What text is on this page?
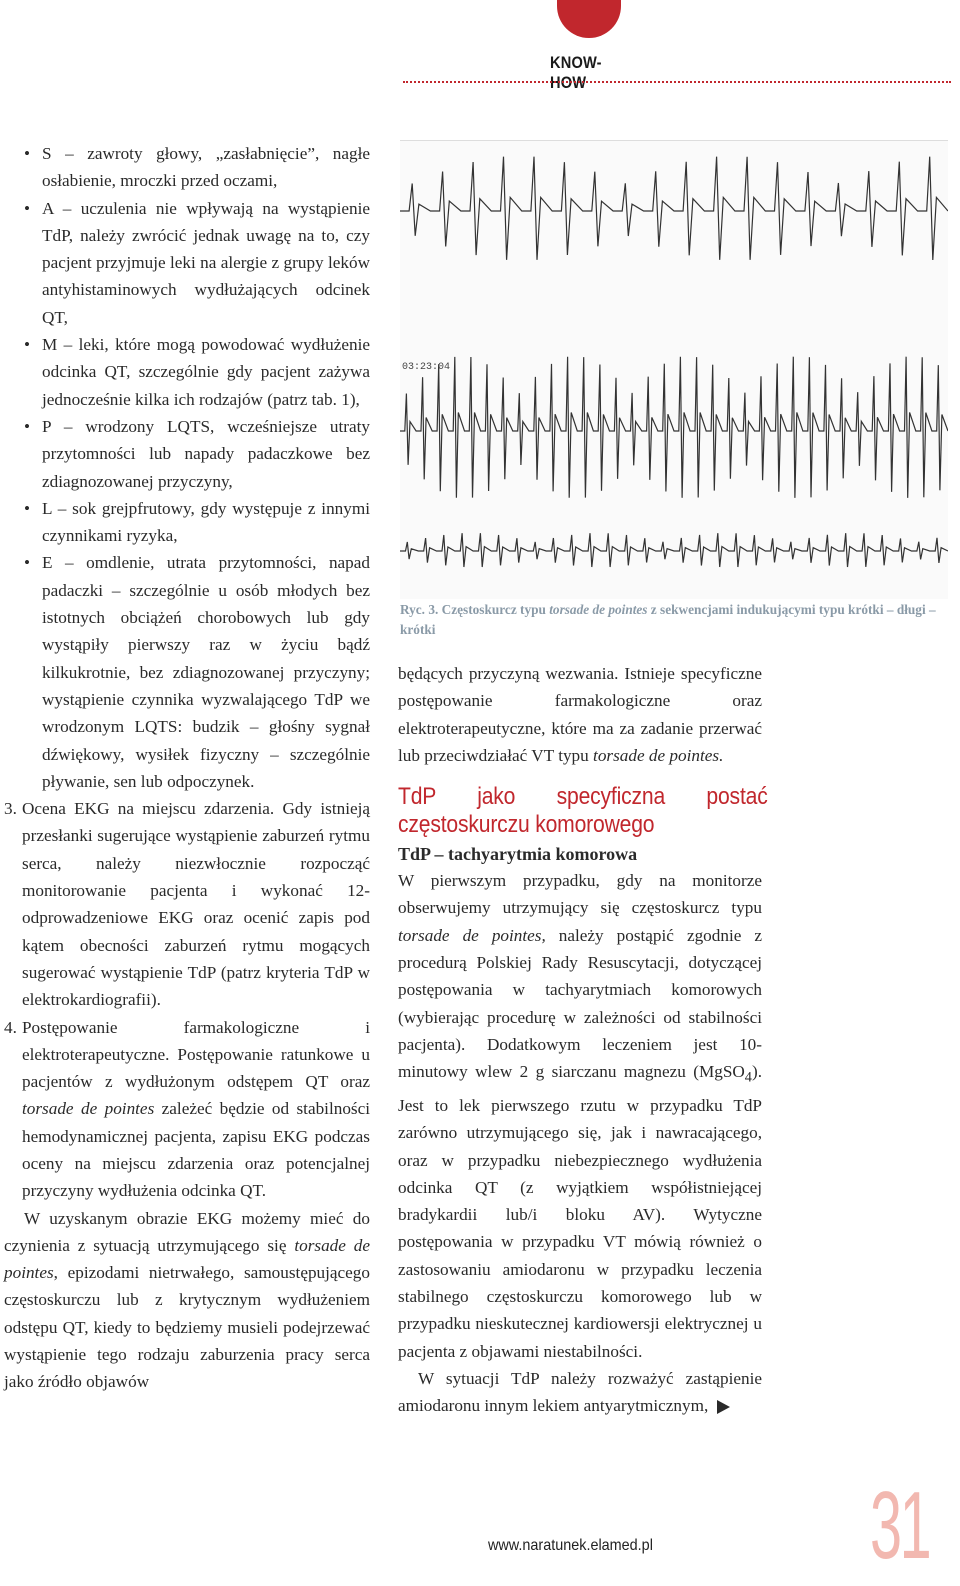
KNOW-HOW
• S – zawroty głowy, „zasłabnięcie”, nagłe osłabienie, mroczki przed oczami,
• A – uczulenia nie wpływają na wystąpienie TdP, należy zwrócić jednak uwagę na to, czy pacjent przyjmuje leki na alergie z grupy leków antyhistaminowych wydłużających odcinek QT,
• M – leki, które mogą powodować wydłużenie odcinka QT, szczególnie gdy pacjent zażywa jednocześnie kilka ich rodzajów (patrz tab. 1),
• P – wrodzony LQTS, wcześniejsze utraty przytomności lub napady padaczkowe bez zdiagnozowanej przyczyny,
• L – sok grejpfrutowy, gdy występuje z innymi czynnikami ryzyka,
• E – omdlenie, utrata przytomności, napad padaczki – szczególnie u osób młodych bez istotnych obciążeń chorobowych lub gdy wystąpiły pierwszy raz w życiu bądź kilkukrotnie, bez zdiagnozowanej przyczyny; wystąpienie czynnika wyzwalającego TdP we wrodzonym LQTS: budzik – głośny sygnał dźwiękowy, wysiłek fizyczny – szczególnie pływanie, sen lub odpoczynek.
3. Ocena EKG na miejscu zdarzenia. Gdy istnieją przesłanki sugerujące wystąpienie zaburzeń rytmu serca, należy niezwłocznie rozpocząć monitorowanie pacjenta i wykonać 12-odprowadzeniowe EKG oraz ocenić zapis pod kątem obecności zaburzeń rytmu mogących sugerować wystąpienie TdP (patrz kryteria TdP w elektrokardiografii).
4. Postępowanie farmakologiczne i elektroterapeutyczne. Postępowanie ratunkowe u pacjentów z wydłużonym odstępem QT oraz torsade de pointes zależeć będzie od stabilności hemodynamicznej pacjenta, zapisu EKG podczas oceny na miejscu zdarzenia oraz potencjalnej przyczyny wydłużenia odcinka QT.

W uzyskanym obrazie EKG możemy mieć do czynienia z sytuacją utrzymującego się torsade de pointes, epizodami nietrwałego, samoustępującego częstoskurczu lub z krytycznym wydłużeniem odstępu QT, kiedy to będziemy musieli podejrzewać wystąpienie tego rodzaju zaburzenia pracy serca jako źródło objawów

03:23:04
Ryc. 3. Częstoskurcz typu torsade de pointes z sekwencjami indukującymi typu krótki – długi – krótki

będących przyczyną wezwania. Istnieje specyficzne postępowanie farmakologiczne oraz elektroterapeutyczne, które ma za zadanie przerwać lub przeciwdziałać VT typu torsade de pointes.

TdP jako specyficzna postać częstoskurczu komorowego
TdP – tachyarytmia komorowa

W pierwszym przypadku, gdy na monitorze obserwujemy utrzymujący się częstoskurcz typu torsade de pointes, należy postąpić zgodnie z procedurą Polskiej Rady Resuscytacji, dotyczącej postępowania w tachyarytmiach komorowych (wybierając procedurę w zależności od stabilności pacjenta). Dodatkowym leczeniem jest 10-minutowy wlew 2 g siarczanu magnezu (MgSO$_4$). Jest to lek pierwszego rzutu w przypadku TdP zarówno utrzymującego się, jak i nawracającego, oraz w przypadku niebezpiecznego wydłużenia odcinka QT (z wyjątkiem współistniejącej bradykardii lub/i bloku AV). Wytyczne postępowania w przypadku VT mówią również o zastosowaniu amiodaronu w przypadku leczenia stabilnego częstoskurczu komorowego lub w przypadku nieskutecznej kardiowersji elektrycznej u pacjenta z objawami niestabilności.

W sytuacji TdP należy rozważyć zastąpienie amiodaronu innym lekiem antyarytmicznym,

www.naratunek.elamed.pl 31
